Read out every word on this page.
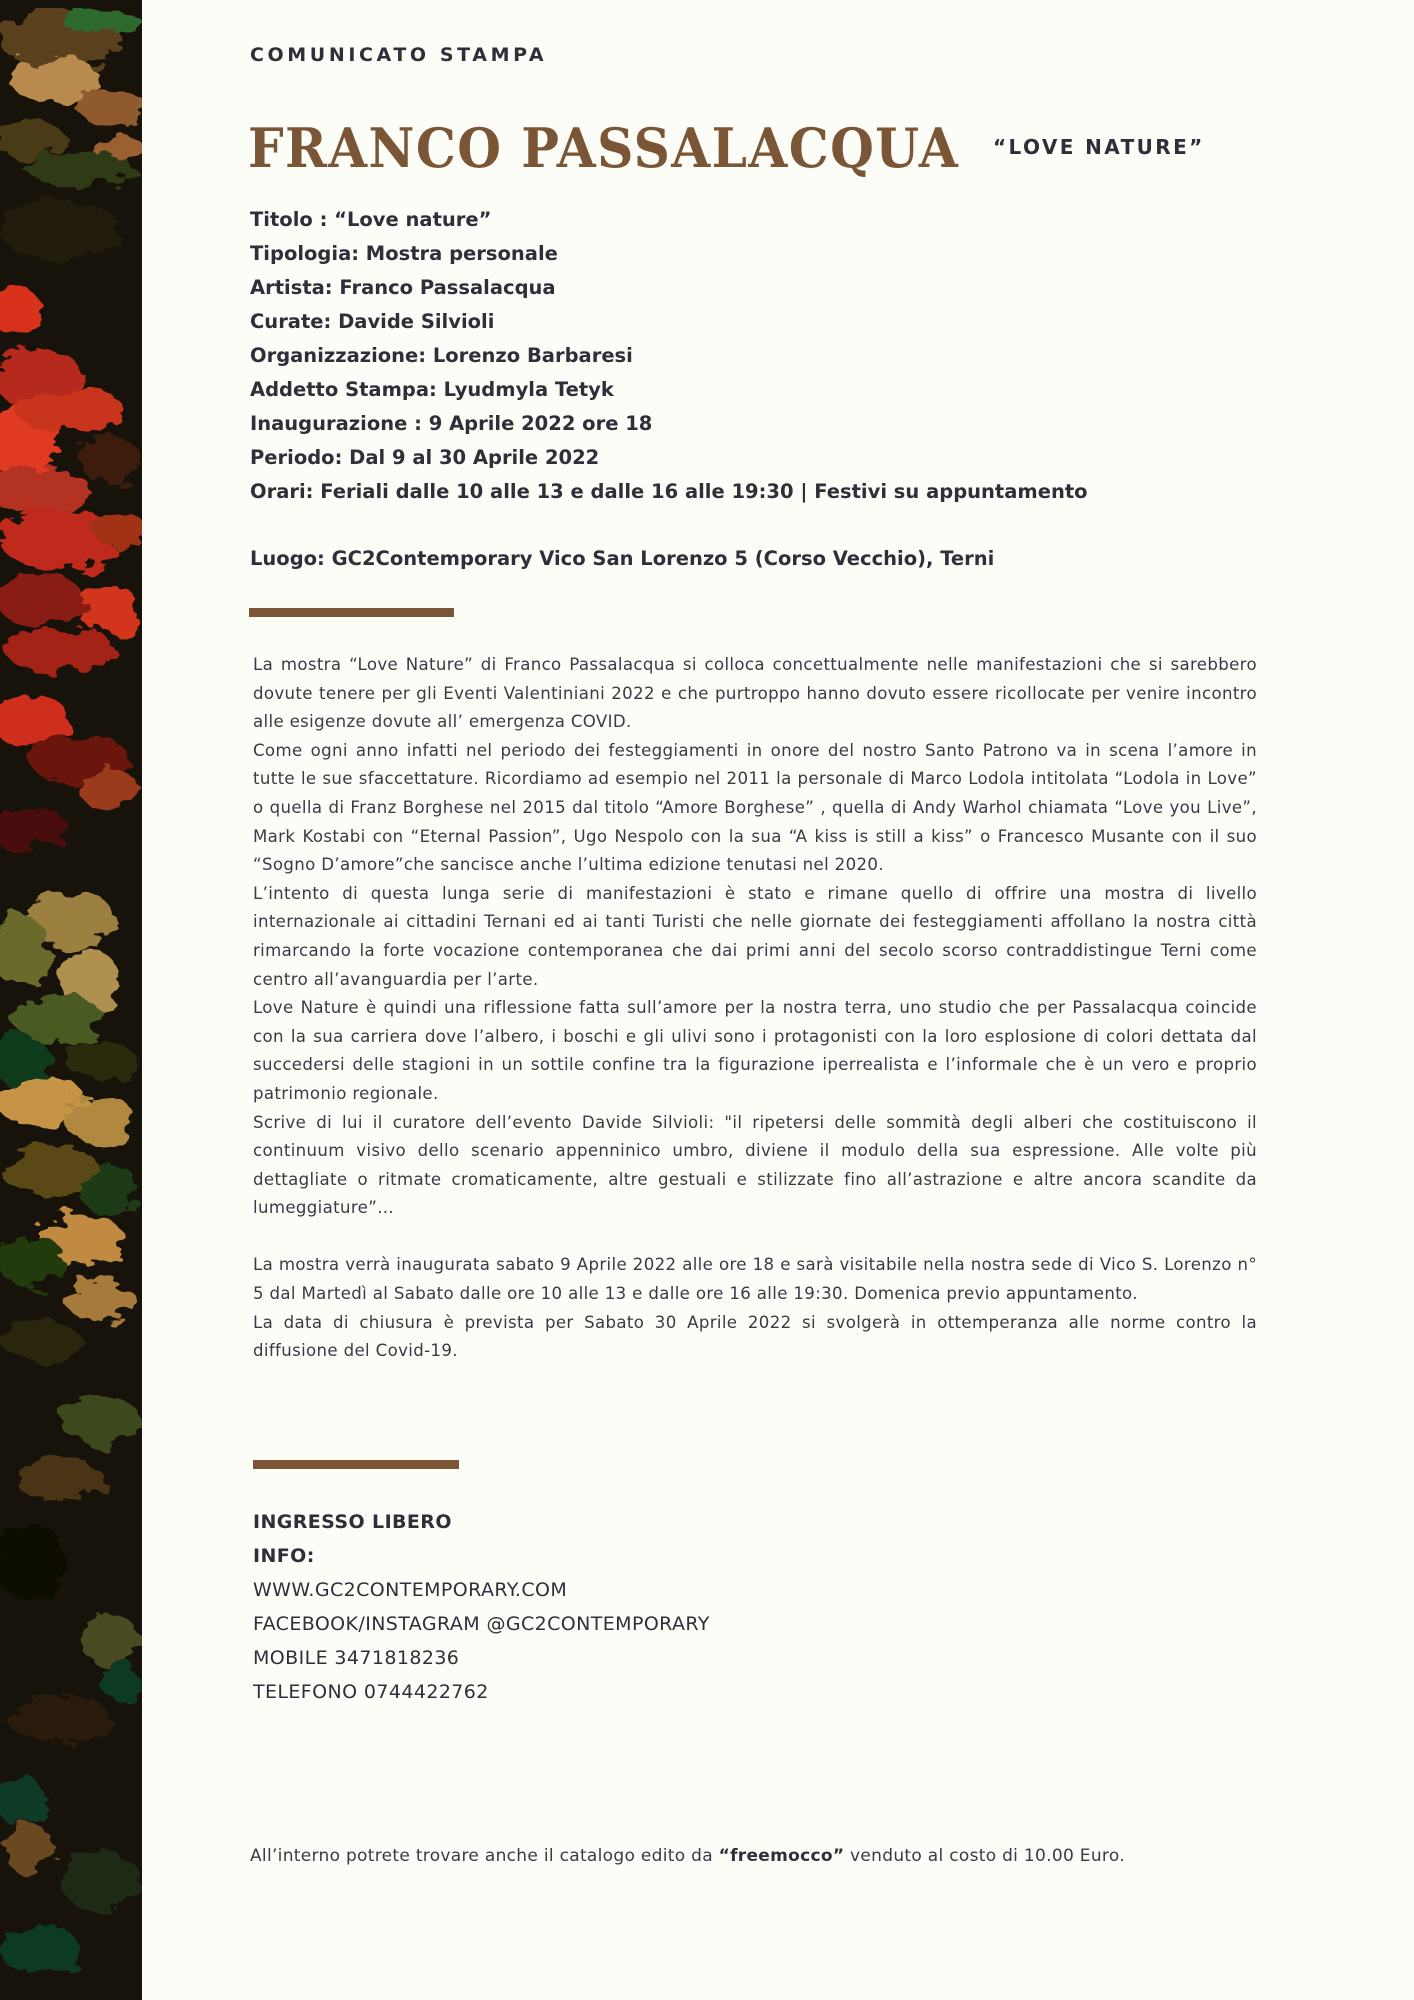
COMUNICATO STAMPA
FRANCO PASSALACQUA	“LOVE NATURE”
Titolo : “Love nature”
Tipologia: Mostra personale
Artista: Franco Passalacqua
Curate: Davide Silvioli
Organizzazione: Lorenzo Barbaresi
Addetto Stampa: Lyudmyla Tetyk
Inaugurazione : 9 Aprile 2022 ore 18
Periodo: Dal 9 al 30 Aprile 2022
Orari: Feriali dalle 10 alle 13 e dalle 16 alle 19:30 | Festivi su appuntamento
Luogo: GC2Contemporary Vico San Lorenzo 5 (Corso Vecchio), Terni

La mostra “Love Nature” di Franco Passalacqua si colloca concettualmente nelle manifestazioni che si sarebbero dovute tenere per gli Eventi Valentiniani 2022 e che purtroppo hanno dovuto essere ricollocate per venire incontro alle esigenze dovute all’ emergenza COVID.

Come ogni anno infatti nel periodo dei festeggiamenti in onore del nostro Santo Patrono va in scena l’amore in tutte le sue sfaccettature. Ricordiamo ad esempio nel 2011 la personale di Marco Lodola intitolata “Lodola in Love” o quella di Franz Borghese nel 2015 dal titolo “Amore Borghese” , quella di Andy Warhol chiamata “Love you Live”, Mark Kostabi con “Eternal Passion”, Ugo Nespolo con la sua “A kiss is still a kiss” o Francesco Musante con il suo “Sogno D’amore”che sancisce anche l’ultima edizione tenutasi nel 2020.

L’intento di questa lunga serie di manifestazioni è stato e rimane quello di offrire una mostra di livello internazionale ai cittadini Ternani ed ai tanti Turisti che nelle giornate dei festeggiamenti affollano la nostra città rimarcando la forte vocazione contemporanea che dai primi anni del secolo scorso contraddistingue Terni come centro all’avanguardia per l’arte.

Love Nature è quindi una riflessione fatta sull’amore per la nostra terra, uno studio che per Passalacqua coincide con la sua carriera dove l’albero, i boschi e gli ulivi sono i protagonisti con la loro esplosione di colori dettata dal succedersi delle stagioni in un sottile confine tra la figurazione iperrealista e l’informale che è un vero e proprio patrimonio regionale.

Scrive di lui il curatore dell’evento Davide Silvioli: "il ripetersi delle sommità degli alberi che costituiscono il continuum visivo dello scenario appenninico umbro, diviene il modulo della sua espressione. Alle volte più dettagliate o ritmate cromaticamente, altre gestuali e stilizzate fino all’astrazione e altre ancora scandite da lumeggiature”…

La mostra verrà inaugurata sabato 9 Aprile 2022 alle ore 18 e sarà visitabile nella nostra sede di Vico S. Lorenzo n° 5 dal Martedì al Sabato dalle ore 10 alle 13 e dalle ore 16 alle 19:30. Domenica previo appuntamento.

La data di chiusura è prevista per Sabato 30 Aprile 2022 si svolgerà in ottemperanza alle norme contro la diffusione del Covid-19.

INGRESSO LIBERO
INFO:
WWW.GC2CONTEMPORARY.COM
FACEBOOK/INSTAGRAM @GC2CONTEMPORARY
MOBILE 3471818236
TELEFONO 0744422762
All’interno potrete trovare anche il catalogo edito da “freemocco” venduto al costo di 10.00 Euro.
